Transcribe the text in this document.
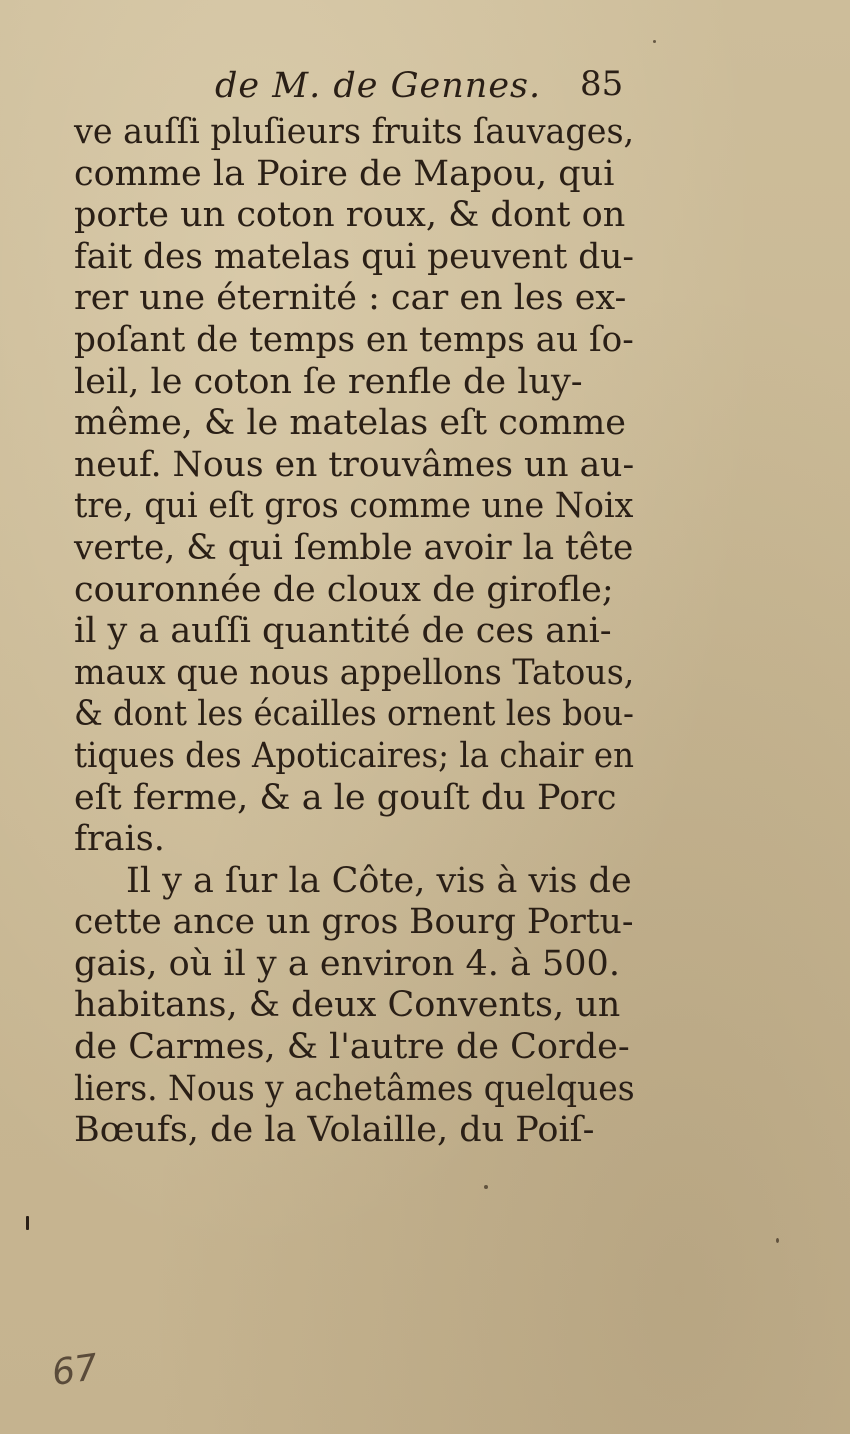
de M. de Gennes. 85
ve auſſi pluſieurs fruits ſauvages,
comme la Poire de Mapou, qui
porte un coton roux, & dont on
fait des matelas qui peuvent du-
rer une éternité : car en les ex-
poſant de temps en temps au ſo-
leil, le coton ſe renfle de luy-
même, & le matelas eſt comme
neuf. Nous en trouvâmes un au-
tre, qui eſt gros comme une Noix
verte, & qui ſemble avoir la tête
couronnée de cloux de girofle;
il y a auſſi quantité de ces ani-
maux que nous appellons Tatous,
& dont les écailles ornent les bou-
tiques des Apoticaires; la chair en
eſt ferme, & a le gouſt du Porc
frais.
Il y a ſur la Côte, vis à vis de
cette ance un gros Bourg Portu-
gais, où il y a environ 4. à 500.
habitans, & deux Convents, un
de Carmes, & l'autre de Corde-
liers. Nous y achetâmes quelques
Bœufs, de la Volaille, du Poiſ-
67
